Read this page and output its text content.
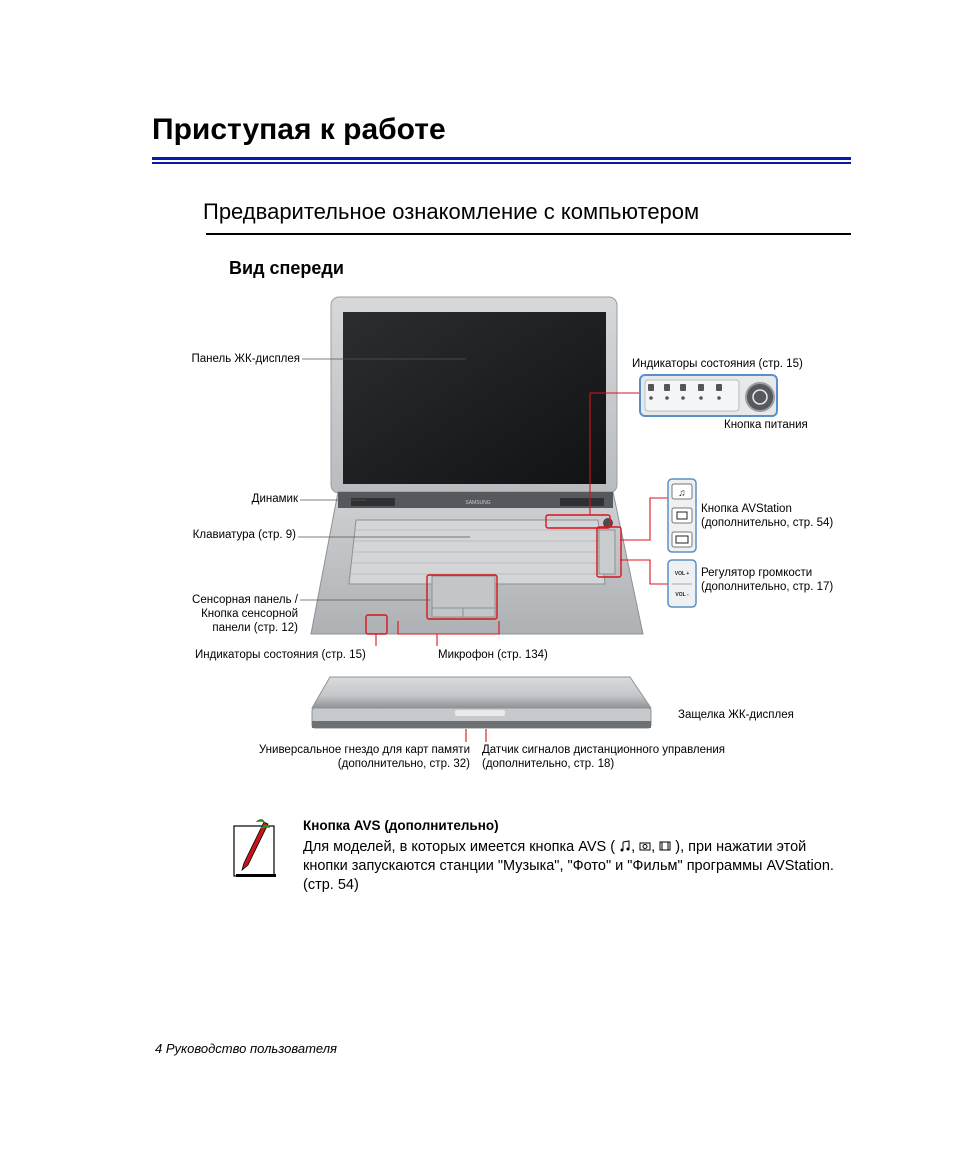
Приступая к работе
Предварительное ознакомление с компьютером
Вид спереди
SAMSUNG
♫
VOL +
VOL -
Панель ЖК-дисплея	Индикаторы состояния (стр. 15)
Кнопка питания
Динамик
Клавиатура (стр. 9)
Кнопка AVStation
(дополнительно, стр. 54)
Регулятор громкости
(дополнительно, стр. 17)
Сенсорная панель /
Кнопка сенсорной
панели (стр. 12)
Индикаторы состояния (стр. 15)	Микрофон (стр. 134)
Защелка ЖК-дисплея
Универсальное гнездо для карт памяти
(дополнительно, стр. 32)
Датчик сигналов дистанционного управления
(дополнительно, стр. 18)
Кнопка AVS (дополнительно)
Для моделей, в которых имеется кнопка AVS ( , ,  ), при нажатии этой кнопки запускаются станции "Музыка", "Фото" и "Фильм" программы AVStation. (стр. 54)
4 Руководство пользователя
